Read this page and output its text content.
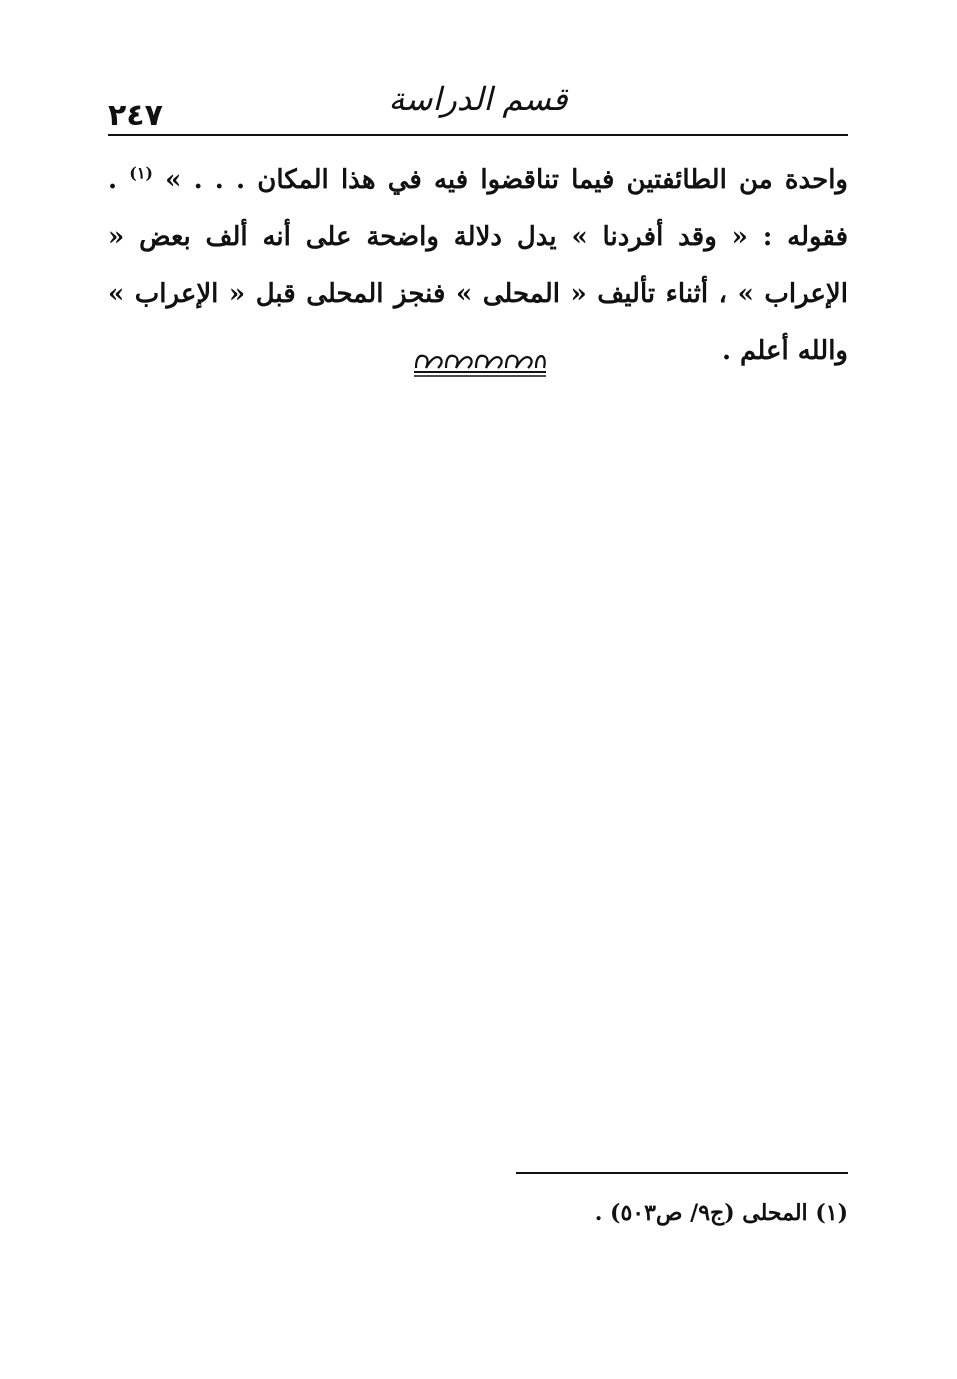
٢٤٧	قسم الدراسة

واحدة من الطائفتين فيما تناقضوا فيه في هذا المكان . . . » $^{(١)}$ . فقوله : « وقد أفردنا » يدل دلالة واضحة على أنه ألف بعض « الإعراب » ، أثناء تأليف « المحلى » فنجز المحلى قبل « الإعراب » والله أعلم .

(١) المحلى (ج٩/ ص٥٠٣) .
